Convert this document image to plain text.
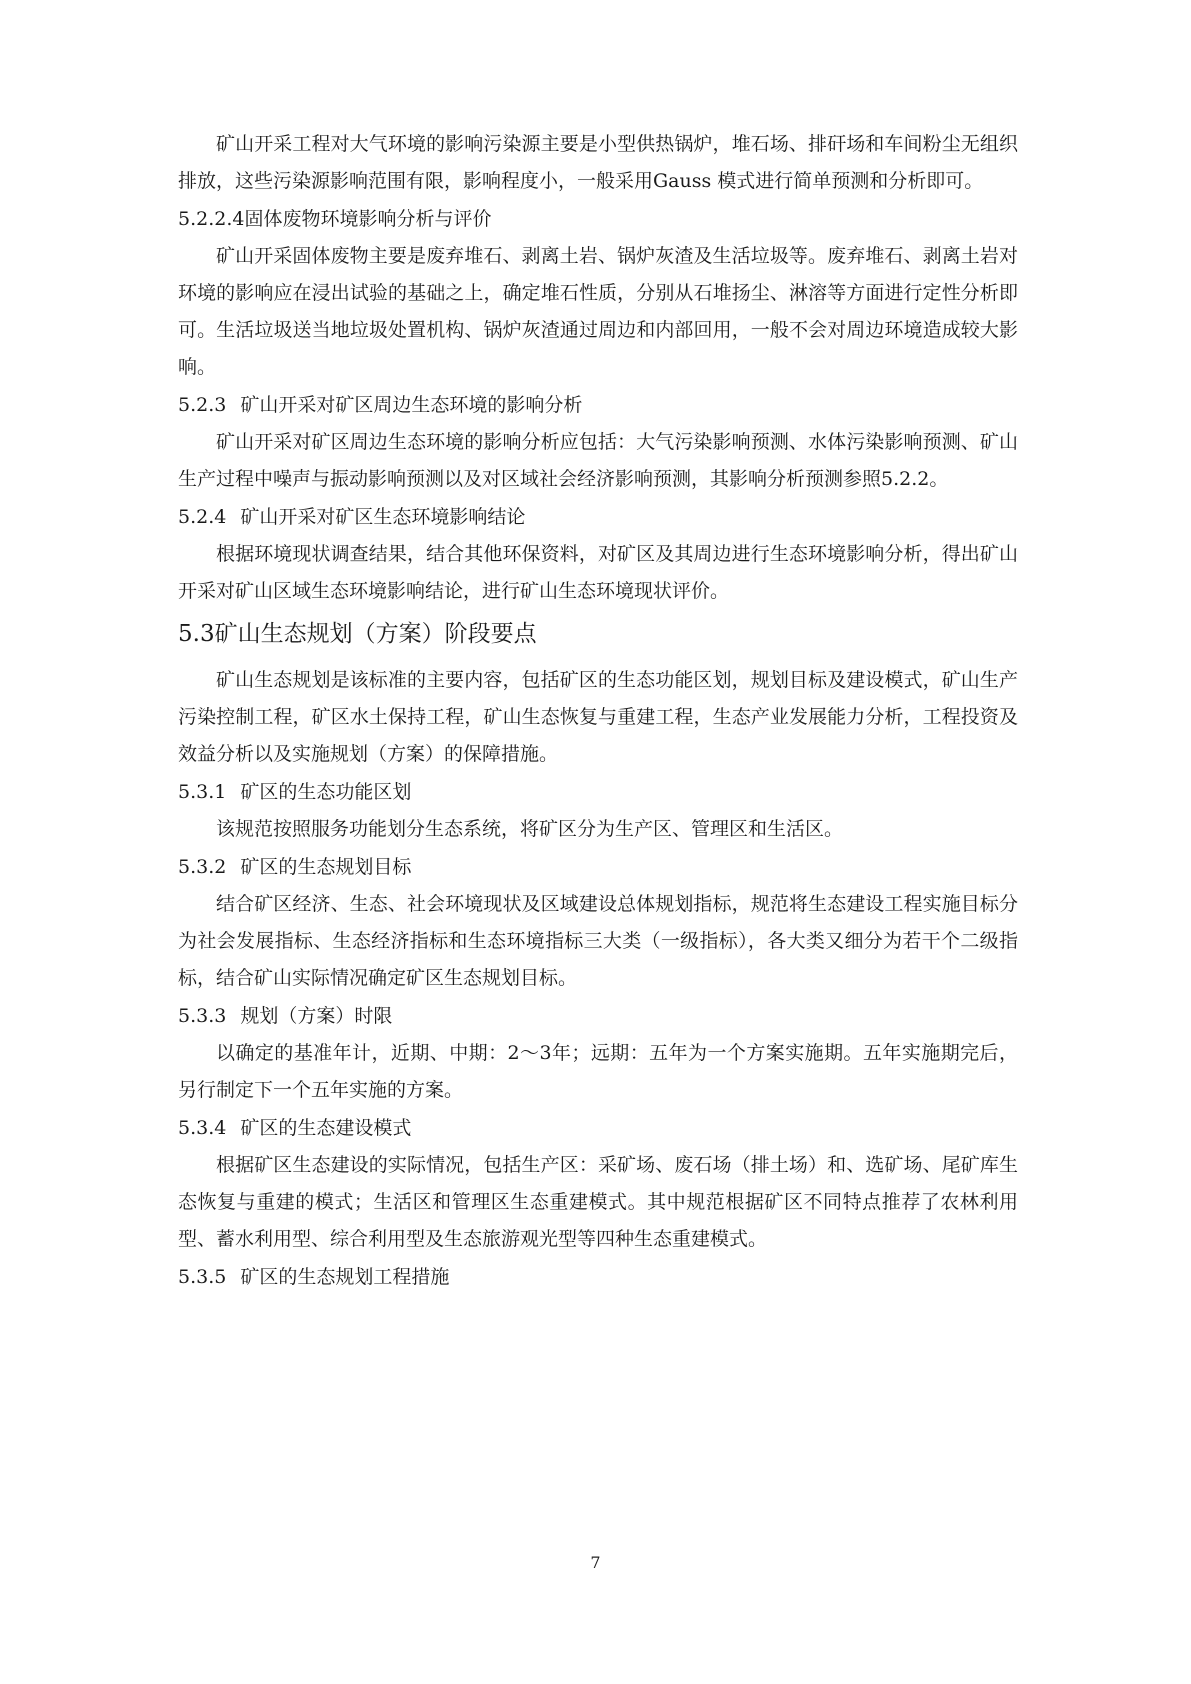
矿山开采工程对大气环境的影响污染源主要是小型供热锅炉，堆石场、排矸场和车间粉尘无组织排放，这些污染源影响范围有限，影响程度小，一般采用Gauss 模式进行简单预测和分析即可。

5.2.2.4固体废物环境影响分析与评价

矿山开采固体废物主要是废弃堆石、剥离土岩、锅炉灰渣及生活垃圾等。废弃堆石、剥离土岩对环境的影响应在浸出试验的基础之上，确定堆石性质，分别从石堆扬尘、淋溶等方面进行定性分析即可。生活垃圾送当地垃圾处置机构、锅炉灰渣通过周边和内部回用，一般不会对周边环境造成较大影响。

5.2.3 矿山开采对矿区周边生态环境的影响分析

矿山开采对矿区周边生态环境的影响分析应包括：大气污染影响预测、水体污染影响预测、矿山生产过程中噪声与振动影响预测以及对区域社会经济影响预测，其影响分析预测参照5.2.2。

5.2.4 矿山开采对矿区生态环境影响结论

根据环境现状调查结果，结合其他环保资料，对矿区及其周边进行生态环境影响分析，得出矿山开采对矿山区域生态环境影响结论，进行矿山生态环境现状评价。

5.3矿山生态规划（方案）阶段要点

矿山生态规划是该标准的主要内容，包括矿区的生态功能区划，规划目标及建设模式，矿山生产污染控制工程，矿区水土保持工程，矿山生态恢复与重建工程，生态产业发展能力分析，工程投资及效益分析以及实施规划（方案）的保障措施。

5.3.1 矿区的生态功能区划

该规范按照服务功能划分生态系统，将矿区分为生产区、管理区和生活区。

5.3.2 矿区的生态规划目标

结合矿区经济、生态、社会环境现状及区域建设总体规划指标，规范将生态建设工程实施目标分为社会发展指标、生态经济指标和生态环境指标三大类（一级指标），各大类又细分为若干个二级指标，结合矿山实际情况确定矿区生态规划目标。

5.3.3 规划（方案）时限

以确定的基准年计，近期、中期：2～3年；远期：五年为一个方案实施期。五年实施期完后，另行制定下一个五年实施的方案。

5.3.4 矿区的生态建设模式

根据矿区生态建设的实际情况，包括生产区：采矿场、废石场（排土场）和、选矿场、尾矿库生态恢复与重建的模式；生活区和管理区生态重建模式。其中规范根据矿区不同特点推荐了农林利用型、蓄水利用型、综合利用型及生态旅游观光型等四种生态重建模式。

5.3.5 矿区的生态规划工程措施
7
